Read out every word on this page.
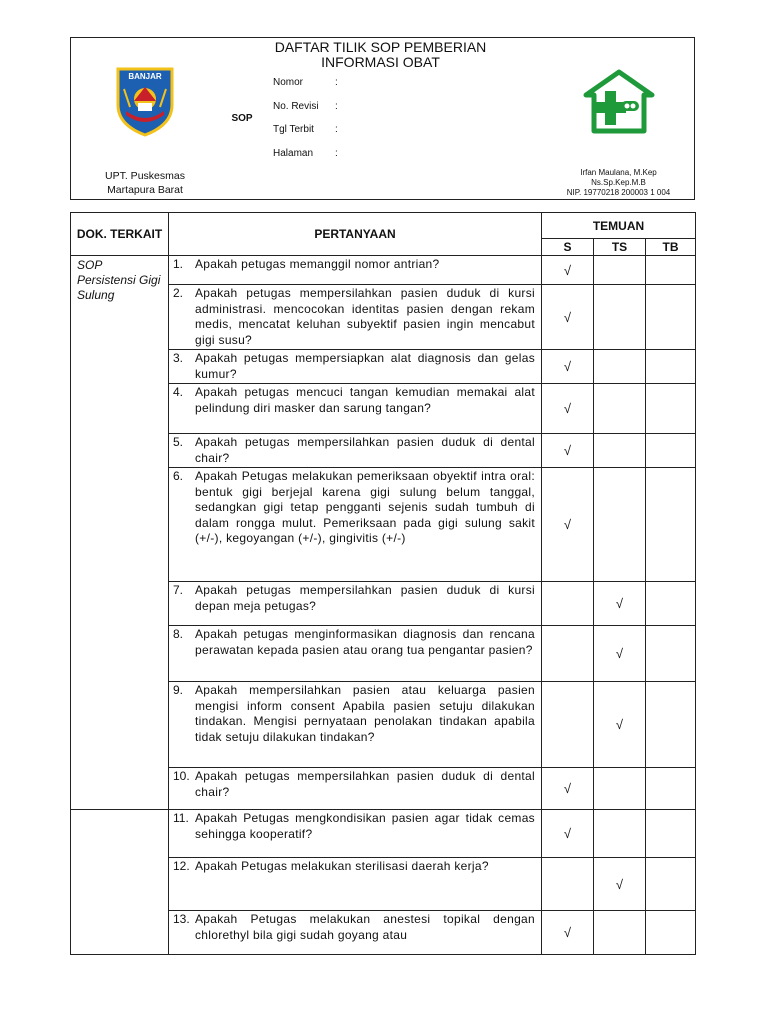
BANJAR
DAFTAR TILIK SOP PEMBERIAN
INFORMASI OBAT
SOP
Nomor	:
No. Revisi	:
Tgl Terbit	:
Halaman	:
UPT. Puskesmas
Martapura Barat
Irfan Maulana, M.Kep
Ns.Sp.Kep.M.B
NIP. 19770218 200003 1 004
DOK. TERKAIT	PERTANYAAN	TEMUAN		
		S	TS	TB
SOP Persistensi Gigi Sulung	1. Apakah petugas memanggil nomor antrian?	√		

	2. Apakah petugas mempersilahkan pasien duduk di kursi administrasi. mencocokan identitas pasien dengan rekam medis, mencatat keluhan subyektif pasien ingin mencabut gigi susu?	√		

	3. Apakah petugas mempersiapkan alat diagnosis dan gelas kumur?	√		

	4. Apakah petugas mencuci tangan kemudian memakai alat pelindung diri masker dan sarung tangan?	√		

	5. Apakah petugas mempersilahkan pasien duduk di dental chair?	√		

	6. Apakah Petugas melakukan pemeriksaan obyektif intra oral: bentuk gigi berjejal karena gigi sulung belum tanggal, sedangkan gigi tetap pengganti sejenis sudah tumbuh di dalam rongga mulut. Pemeriksaan pada gigi sulung sakit (+/-), kegoyangan (+/-), gingivitis (+/-)	√		

	7. Apakah petugas mempersilahkan pasien duduk di kursi depan meja petugas?		√	

	8. Apakah petugas menginformasikan diagnosis dan rencana perawatan kepada pasien atau orang tua pengantar pasien?		√	

	9. Apakah mempersilahkan pasien atau keluarga pasien mengisi inform consent Apabila pasien setuju dilakukan tindakan. Mengisi pernyataan penolakan tindakan apabila tidak setuju dilakukan tindakan?		√	

	10. Apakah petugas mempersilahkan pasien duduk di dental chair?	√		

	11. Apakah Petugas mengkondisikan pasien agar tidak cemas sehingga kooperatif?	√		

	12. Apakah Petugas melakukan sterilisasi daerah kerja?		√	

	13. Apakah Petugas melakukan anestesi topikal dengan chlorethyl bila gigi sudah goyang atau	√		
